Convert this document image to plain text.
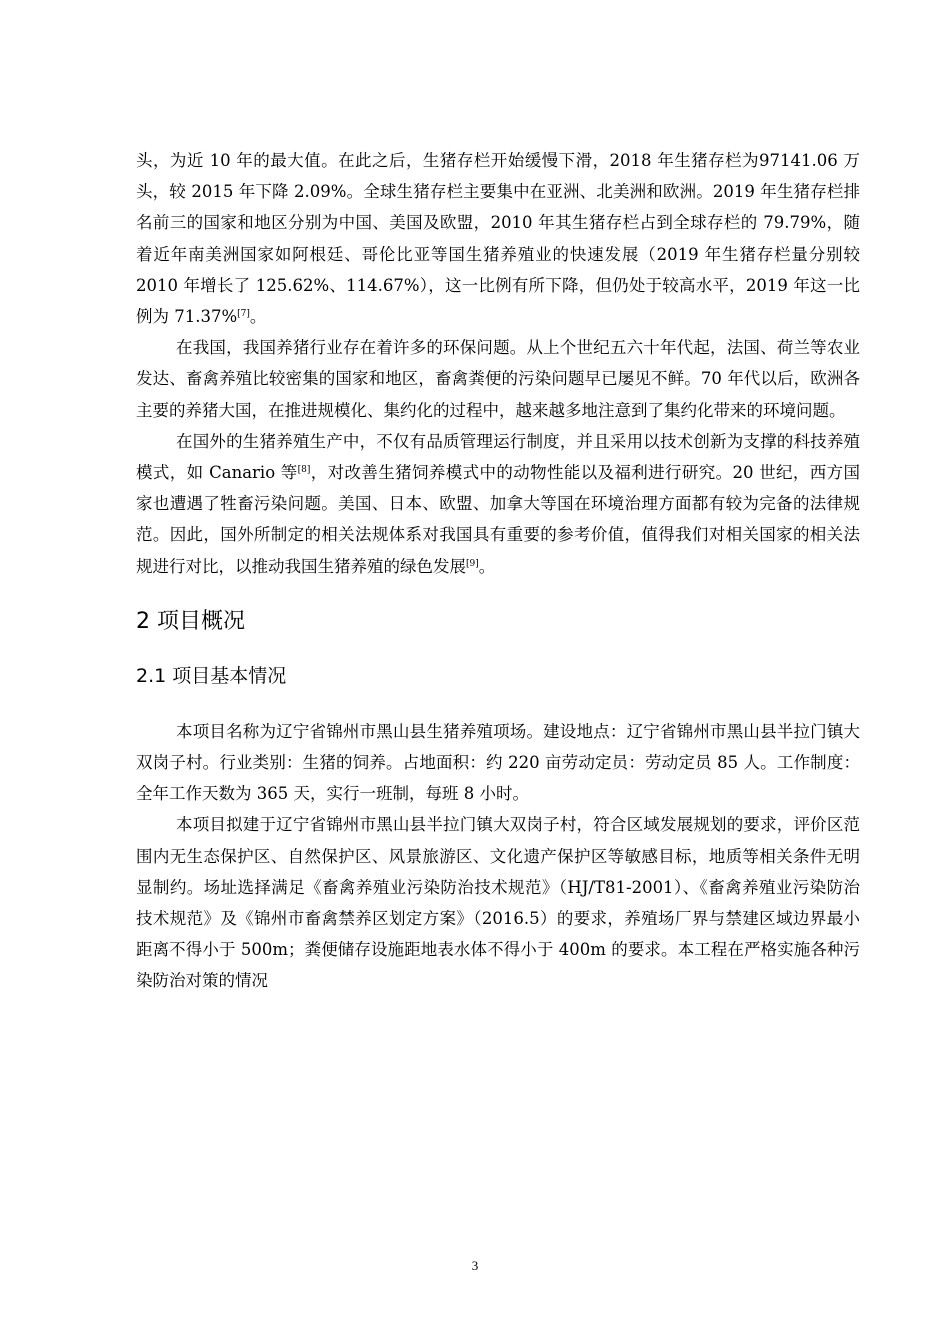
头，为近 10 年的最大值。在此之后，生猪存栏开始缓慢下滑，2018 年生猪存栏为97141.06 万头，较 2015 年下降 2.09%。全球生猪存栏主要集中在亚洲、北美洲和欧洲。2019 年生猪存栏排名前三的国家和地区分别为中国、美国及欧盟，2010 年其生猪存栏占到全球存栏的 79.79%，随着近年南美洲国家如阿根廷、哥伦比亚等国生猪养殖业的快速发展（2019 年生猪存栏量分别较 2010 年增长了 125.62%、114.67%），这一比例有所下降，但仍处于较高水平，2019 年这一比例为 71.37%[7]。

在我国，我国养猪行业存在着许多的环保问题。从上个世纪五六十年代起，法国、荷兰等农业发达、畜禽养殖比较密集的国家和地区，畜禽粪便的污染问题早已屡见不鲜。70 年代以后，欧洲各主要的养猪大国，在推进规模化、集约化的过程中，越来越多地注意到了集约化带来的环境问题。

在国外的生猪养殖生产中，不仅有品质管理运行制度，并且采用以技术创新为支撑的科技养殖模式，如 Canario 等[8]，对改善生猪饲养模式中的动物性能以及福利进行研究。20 世纪，西方国家也遭遇了牲畜污染问题。美国、日本、欧盟、加拿大等国在环境治理方面都有较为完备的法律规范。因此，国外所制定的相关法规体系对我国具有重要的参考价值，值得我们对相关国家的相关法规进行对比，以推动我国生猪养殖的绿色发展[9]。

2 项目概况
2.1 项目基本情况

本项目名称为辽宁省锦州市黑山县生猪养殖项场。建设地点：辽宁省锦州市黑山县半拉门镇大双岗子村。行业类别：生猪的饲养。占地面积：约 220 亩劳动定员：劳动定员 85 人。工作制度：全年工作天数为 365 天，实行一班制，每班 8 小时。

本项目拟建于辽宁省锦州市黑山县半拉门镇大双岗子村，符合区域发展规划的要求，评价区范围内无生态保护区、自然保护区、风景旅游区、文化遗产保护区等敏感目标，地质等相关条件无明显制约。场址选择满足《畜禽养殖业污染防治技术规范》（HJ/T81-2001）、《畜禽养殖业污染防治技术规范》及《锦州市畜禽禁养区划定方案》（2016.5）的要求，养殖场厂界与禁建区域边界最小距离不得小于 500m；粪便储存设施距地表水体不得小于 400m 的要求。本工程在严格实施各种污染防治对策的情况

3
